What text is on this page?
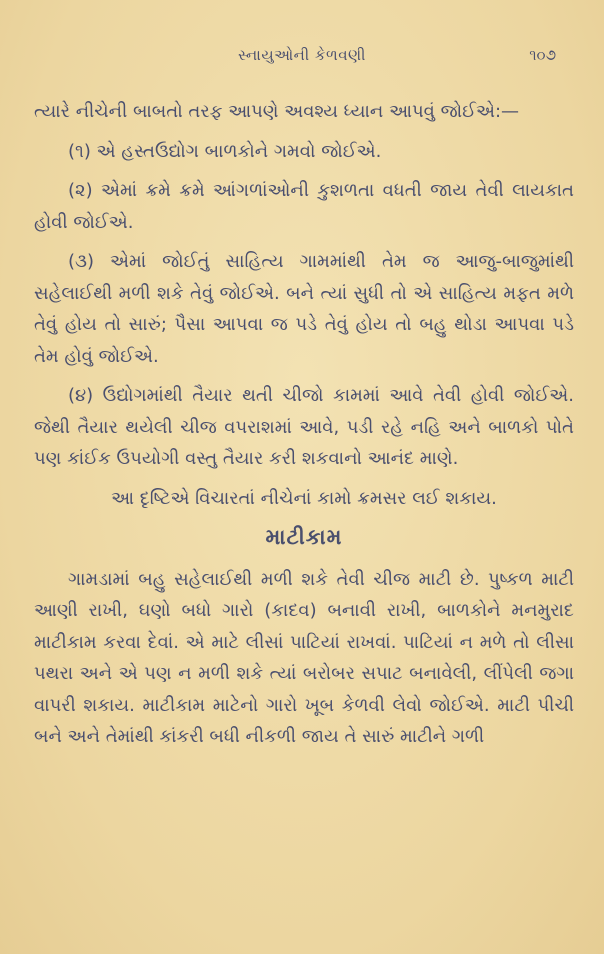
સ્નાયુઓની કેળવણી	૧૦૭

ત્યારે નીચેની બાબતો તરફ આપણે અવશ્ય ધ્યાન આપવું જોઈએ:—

(૧) એ હસ્તઉદ્યોગ બાળકોને ગમવો જોઈએ.

(૨) એમાં ક્રમે ક્રમે આંગળાંઓની કુશળતા વધતી જાય તેવી લાયકાત હોવી જોઈએ.

(૩) એમાં જોઈતું સાહિત્ય ગામમાંથી તેમ જ આજુ-બાજુમાંથી સહેલાઈથી મળી શકે તેવું જોઈએ. બને ત્યાં સુધી તો એ સાહિત્ય મફત મળે તેવું હોય તો સારું; પૈસા આપવા જ પડે તેવું હોય તો બહુ થોડા આપવા પડે તેમ હોવું જોઈએ.

(૪) ઉદ્યોગમાંથી તૈયાર થતી ચીજો કામમાં આવે તેવી હોવી જોઈએ. જેથી તૈયાર થયેલી ચીજ વપરાશમાં આવે, પડી રહે નહિ અને બાળકો પોતે પણ કાંઈક ઉપયોગી વસ્તુ તૈયાર કરી શકવાનો આનંદ માણે.

આ દૃષ્ટિએ વિચારતાં નીચેનાં કામો ક્રમસર લઈ શકાય.

માટીકામ

ગામડામાં બહુ સહેલાઈથી મળી શકે તેવી ચીજ માટી છે. પુષ્કળ માટી આણી રાખી, ઘણો બધો ગારો (કાદવ) બનાવી રાખી, બાળકોને મનમુરાદ માટીકામ કરવા દેવાં. એ માટે લીસાં પાટિયાં રાખવાં. પાટિયાં ન મળે તો લીસા પથરા અને એ પણ ન મળી શકે ત્યાં બરોબર સપાટ બનાવેલી, લીંપેલી જગા વાપરી શકાય. માટીકામ માટેનો ગારો ખૂબ કેળવી લેવો જોઈએ. માટી પીચી બને અને તેમાંથી કાંકરી બધી નીકળી જાય તે સારું માટીને ગળી
